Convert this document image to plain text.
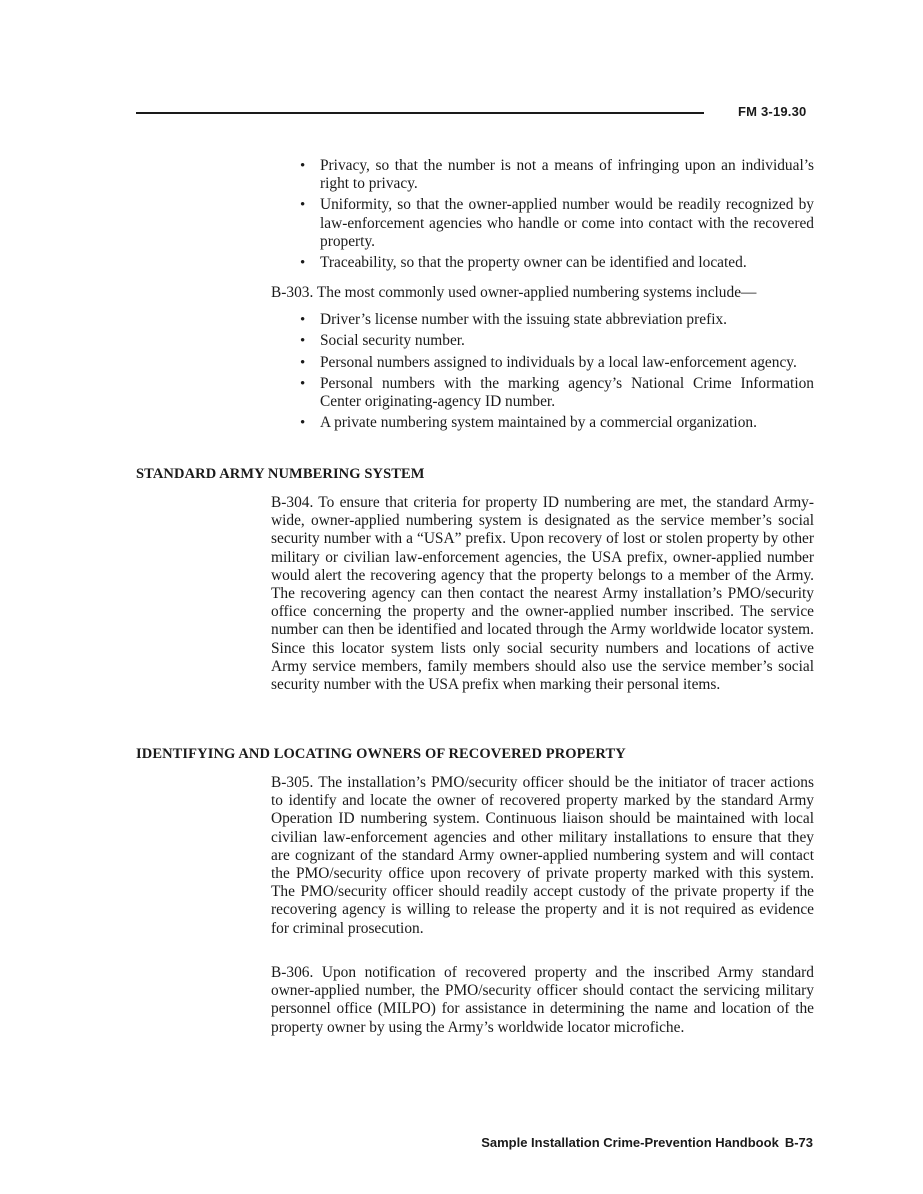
FM 3-19.30
• Privacy, so that the number is not a means of infringing upon an individual’s right to privacy.
• Uniformity, so that the owner-applied number would be readily recognized by law-enforcement agencies who handle or come into contact with the recovered property.
• Traceability, so that the property owner can be identified and located.

B-303. The most commonly used owner-applied numbering systems include—

• Driver’s license number with the issuing state abbreviation prefix.
• Social security number.
• Personal numbers assigned to individuals by a local law-enforcement agency.
• Personal numbers with the marking agency’s National Crime Information Center originating-agency ID number.
• A private numbering system maintained by a commercial organization.
STANDARD ARMY NUMBERING SYSTEM

B-304. To ensure that criteria for property ID numbering are met, the standard Army-wide, owner-applied numbering system is designated as the service member’s social security number with a “USA” prefix. Upon recovery of lost or stolen property by other military or civilian law-enforcement agencies, the USA prefix, owner-applied number would alert the recovering agency that the property belongs to a member of the Army. The recovering agency can then contact the nearest Army installation’s PMO/security office concerning the property and the owner-applied number inscribed. The service number can then be identified and located through the Army worldwide locator system. Since this locator system lists only social security numbers and locations of active Army service members, family members should also use the service member’s social security number with the USA prefix when marking their personal items.

IDENTIFYING AND LOCATING OWNERS OF RECOVERED PROPERTY

B-305. The installation’s PMO/security officer should be the initiator of tracer actions to identify and locate the owner of recovered property marked by the standard Army Operation ID numbering system. Continuous liaison should be maintained with local civilian law-enforcement agencies and other military installations to ensure that they are cognizant of the standard Army owner-applied numbering system and will contact the PMO/security office upon recovery of private property marked with this system. The PMO/security officer should readily accept custody of the private property if the recovering agency is willing to release the property and it is not required as evidence for criminal prosecution.

B-306. Upon notification of recovered property and the inscribed Army standard owner-applied number, the PMO/security officer should contact the servicing military personnel office (MILPO) for assistance in determining the name and location of the property owner by using the Army’s worldwide locator microfiche.

Sample Installation Crime-Prevention Handbook B-73
